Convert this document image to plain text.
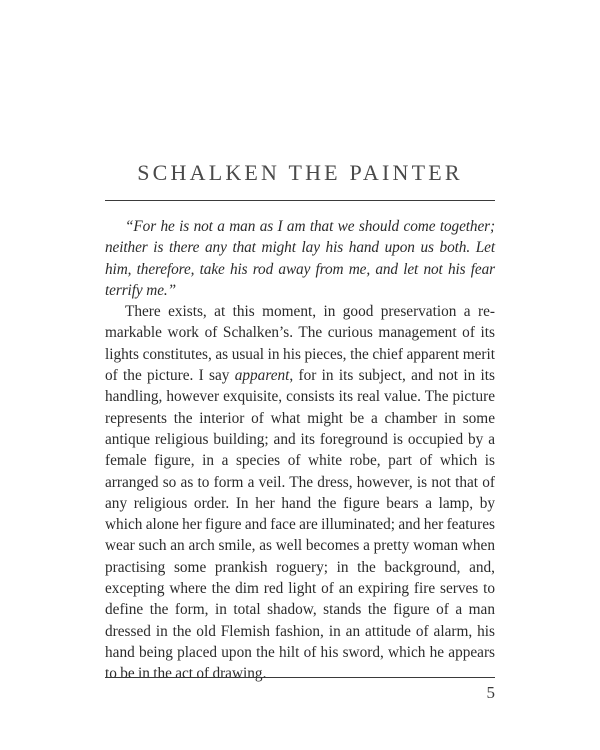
SCHALKEN THE PAINTER

“For he is not a man as I am that we should come together; neither is there any that might lay his hand upon us both. Let him, therefore, take his rod away from me, and let not his fear terrify me.”

There exists, at this moment, in good preservation a remarkable work of Schalken’s. The curious management of its lights constitutes, as usual in his pieces, the chief apparent merit of the picture. I say apparent, for in its subject, and not in its handling, however exquisite, consists its real value. The picture represents the interior of what might be a chamber in some antique religious building; and its foreground is occupied by a female figure, in a species of white robe, part of which is arranged so as to form a veil. The dress, however, is not that of any religious order. In her hand the figure bears a lamp, by which alone her figure and face are illuminated; and her features wear such an arch smile, as well becomes a pretty woman when practising some prankish roguery; in the background, and, excepting where the dim red light of an expiring fire serves to define the form, in total shadow, stands the figure of a man dressed in the old Flemish fashion, in an attitude of alarm, his hand being placed upon the hilt of his sword, which he appears to be in the act of drawing.

5
